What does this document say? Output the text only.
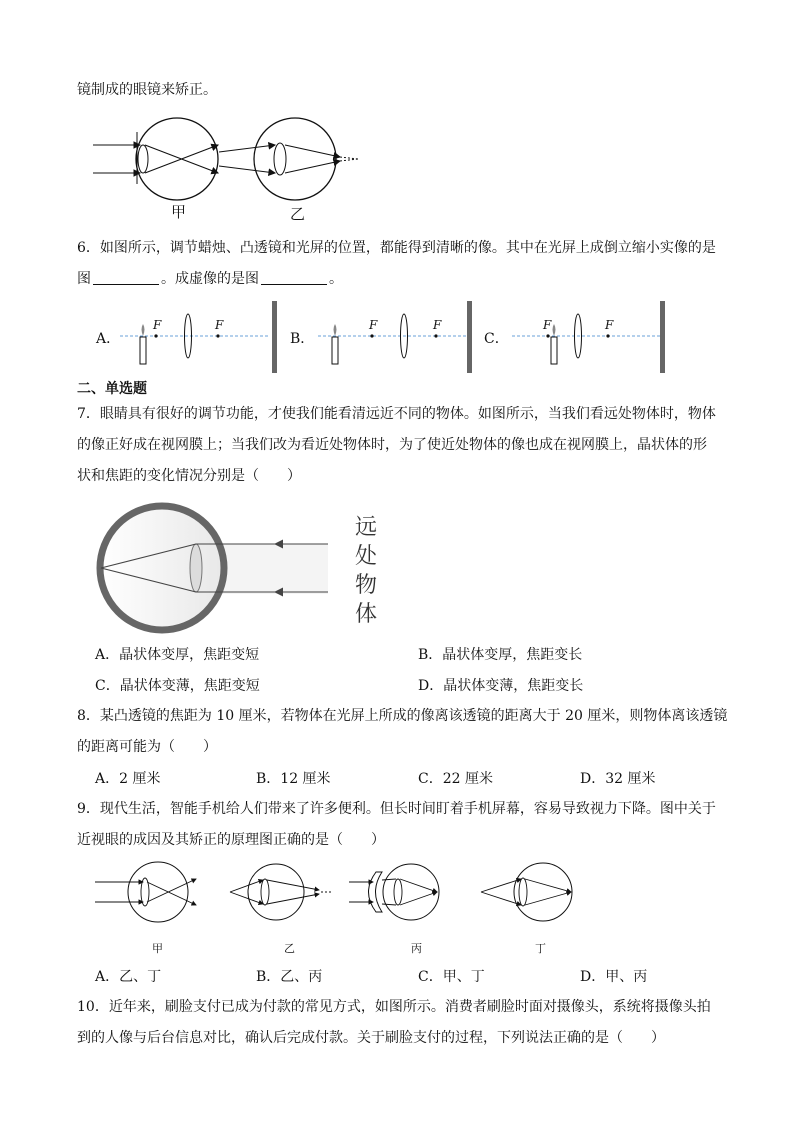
镜制成的眼镜来矫正。
甲	乙
6．如图所示，调节蜡烛、凸透镜和光屏的位置，都能得到清晰的像。其中在光屏上成倒立缩小实像的是
图	。成虚像的是图	。
A．	B．	C．
F	F	F	F	F	F
二、单选题
7．眼睛具有很好的调节功能，才使我们能看清远近不同的物体。如图所示，当我们看远处物体时，物体
的像正好成在视网膜上；当我们改为看近处物体时，为了使近处物体的像也成在视网膜上，晶状体的形
状和焦距的变化情况分别是（　　）
远
处
物
体
A．晶状体变厚，焦距变短	B．晶状体变厚，焦距变长
C．晶状体变薄，焦距变短	D．晶状体变薄，焦距变长
8．某凸透镜的焦距为 10 厘米，若物体在光屏上所成的像离该透镜的距离大于 20 厘米，则物体离该透镜
的距离可能为（　　）
A．2 厘米	B．12 厘米	C．22 厘米	D．32 厘米
9．现代生活，智能手机给人们带来了许多便利。但长时间盯着手机屏幕，容易导致视力下降。图中关于
近视眼的成因及其矫正的原理图正确的是（　　）
甲	乙	丙	丁
A．乙、丁	B．乙、丙	C．甲、丁	D．甲、丙
10．近年来，刷脸支付已成为付款的常见方式，如图所示。消费者刷脸时面对摄像头，系统将摄像头拍
到的人像与后台信息对比，确认后完成付款。关于刷脸支付的过程，下列说法正确的是（　　）
